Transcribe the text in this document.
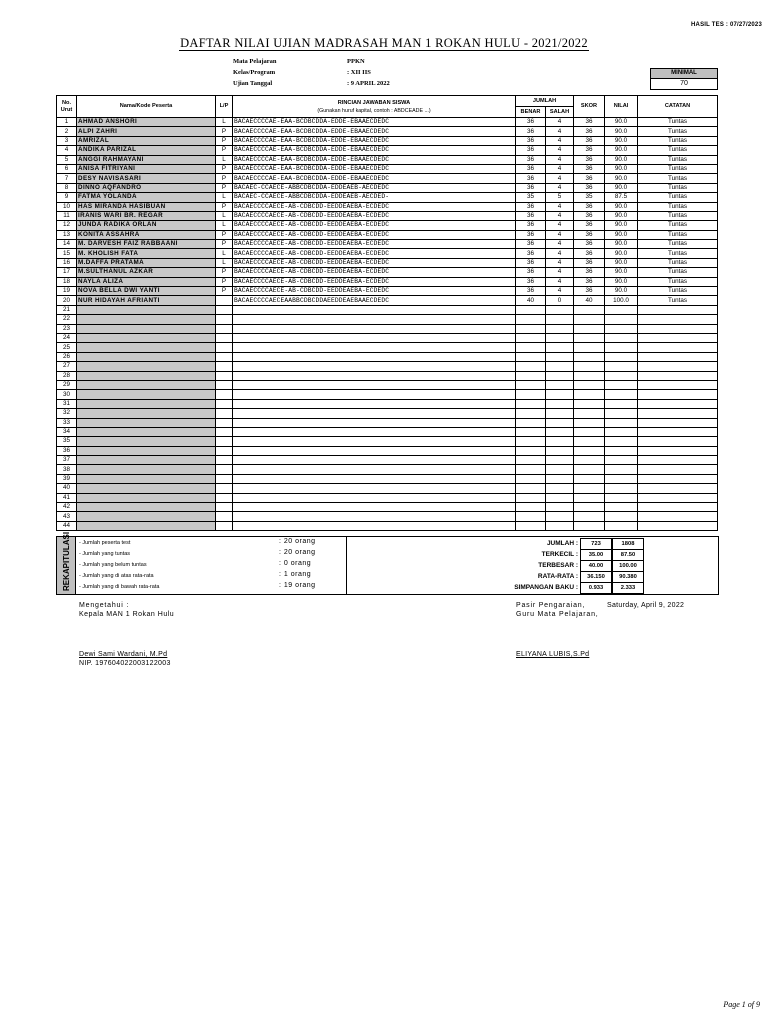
HASIL TES : 07/27/2023
DAFTAR NILAI UJIAN MADRASAH MAN 1 ROKAN HULU - 2021/2022
Mata Pelajaran	PPKN
Kelas/Program	: XII IIS
Ujian Tanggal	: 9 APRIL 2022
MINIMAL
70
No. Urut	Nama/Kode Peserta	L/P	RINCIAN JAWABAN SISWA
(Gunakan huruf kapital, contoh : ABDCEADE ...)	JUMLAH		SKOR	NILAI	CATATAN
				BENAR	SALAH			
1	AHMAD ANSHORI	L	BACAECCCCAE-EAA-BCDBCDDA-EDDE-EBAAECDEDC	36	4	36	90.0	Tuntas
2	ALPI ZAHRI	P	BACAECCCCAE-EAA-BCDBCDDA-EDDE-EBAAECDEDC	36	4	36	90.0	Tuntas
3	AMRIZAL	P	BACAECCCCAE-EAA-BCDBCDDA-EDDE-EBAAECDEDC	36	4	36	90.0	Tuntas
4	ANDIKA PARIZAL	P	BACAECCCCAE-EAA-BCDBCDDA-EDDE-EBAAECDEDC	36	4	36	90.0	Tuntas
5	ANGGI RAHMAYANI	L	BACAECCCCAE-EAA-BCDBCDDA-EDDE-EBAAECDEDC	36	4	36	90.0	Tuntas
6	ANISA FITRIYANI	P	BACAECCCCAE-EAA-BCDBCDDA-EDDE-EBAAECDEDC	36	4	36	90.0	Tuntas
7	DESY NAVISASARI	P	BACAECCCCAE-EAA-BCDBCDDA-EDDE-EBAAECDEDC	36	4	36	90.0	Tuntas
8	DINNO AQFANDRO	P	BACAEC-CCAECE-ABBCDBCDDA-EDDEAEB-AECDEDC	36	4	36	90.0	Tuntas
9	FATMA YOLANDA	L	BACAEC-CCAECE-ABBCDBCDDA-EDDEAEB-AECDED-	35	5	35	87.5	Tuntas
10	HAS MIRANDA HASIBUAN	P	BACAECCCCAECE-AB-CDBCDD-EEDDEAEBA-ECDEDC	36	4	36	90.0	Tuntas
11	IRANIS WARI BR. REGAR	L	BACAECCCCAECE-AB-CDBCDD-EEDDEAEBA-ECDEDC	36	4	36	90.0	Tuntas
12	JUNDA RADIKA ORLAN	L	BACAECCCCAECE-AB-CDBCDD-EEDDEAEBA-ECDEDC	36	4	36	90.0	Tuntas
13	KONITA ASSAHRA	P	BACAECCCCAECE-AB-CDBCDD-EEDDEAEBA-ECDEDC	36	4	36	90.0	Tuntas
14	M. DARVESH FAIZ RABBAANI	P	BACAECCCCAECE-AB-CDBCDD-EEDDEAEBA-ECDEDC	36	4	36	90.0	Tuntas
15	M. KHOLISH FATA	L	BACAECCCCAECE-AB-CDBCDD-EEDDEAEBA-ECDEDC	36	4	36	90.0	Tuntas
16	M.DAFFA PRATAMA	L	BACAECCCCAECE-AB-CDBCDD-EEDDEAEBA-ECDEDC	36	4	36	90.0	Tuntas
17	M.SULTHANUL AZKAR	P	BACAECCCCAECE-AB-CDBCDD-EEDDEAEBA-ECDEDC	36	4	36	90.0	Tuntas
18	NAYLA ALIZA	P	BACAECCCCAECE-AB-CDBCDD-EEDDEAEBA-ECDEDC	36	4	36	90.0	Tuntas
19	NOVA BELLA DWI YANTI	P	BACAECCCCAECE-AB-CDBCDD-EEDDEAEBA-ECDEDC	36	4	36	90.0	Tuntas
20	NUR HIDAYAH AFRIANTI		BACAECCCCAECEAABBCDBCDDAEEDDEAEBAAECDEDC	40	0	40	100.0	Tuntas
21								
22								
23								
24								
25								
26								
27								
28								
29								
30								
31								
32								
33								
34								
35								
36								
37								
38								
39								
40								
41								
42								
43								
44								
REKAPITULASI - Jumlah peserta test	: 20 orang
- Jumlah yang tuntas	: 20 orang
- Jumlah yang belum tuntas	: 0 orang
- Jumlah yang di atas rata-rata	: 1 orang
- Jumlah yang di bawah rata-rata	: 19 orang
JUMLAH :	723	1808
TERKECIL :	35.00	87.50
TERBESAR :	40.00	100.00
RATA-RATA :	36.150	90.380
SIMPANGAN BAKU :	0.933	2.333
Mengetahui :
Kepala MAN 1 Rokan Hulu
Pasir Pengaraian,	Saturday, April 9, 2022
Guru Mata Pelajaran,
Dewi Sami Wardani, M.Pd
NIP. 197604022003122003
ELIYANA LUBIS,S.Pd
Page 1 of 9
